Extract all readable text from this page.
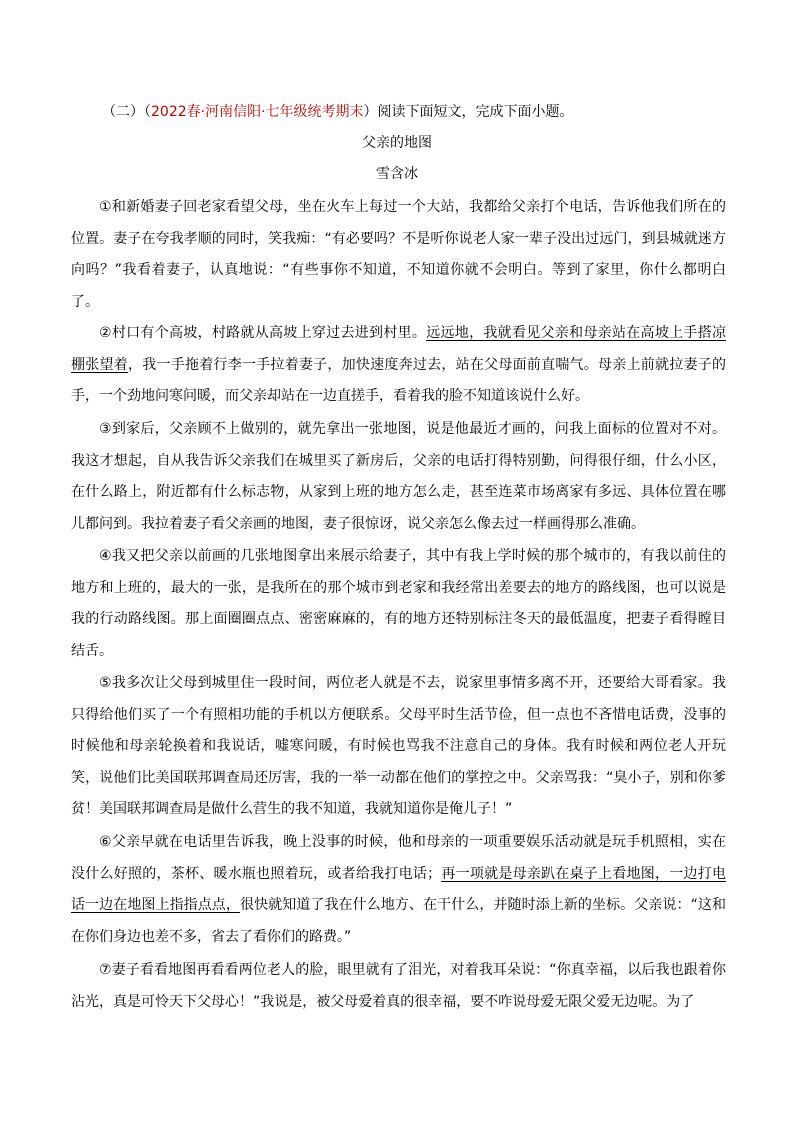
（二）（2022春·河南信阳·七年级统考期末）阅读下面短文，完成下面小题。
父亲的地图
雪含冰
①和新婚妻子回老家看望父母，坐在火车上每过一个大站，我都给父亲打个电话，告诉他我们所在的位置。妻子在夸我孝顺的同时，笑我痴：“有必要吗？不是听你说老人家一辈子没出过远门，到县城就迷方向吗？”我看着妻子，认真地说：“有些事你不知道，不知道你就不会明白。等到了家里，你什么都明白了。
②村口有个高坡，村路就从高坡上穿过去进到村里。远远地，我就看见父亲和母亲站在高坡上手搭凉棚张望着，我一手拖着行李一手拉着妻子，加快速度奔过去，站在父母面前直喘气。母亲上前就拉妻子的手，一个劲地问寒问暖，而父亲却站在一边直搓手，看着我的脸不知道该说什么好。
③到家后，父亲顾不上做别的，就先拿出一张地图，说是他最近才画的，问我上面标的位置对不对。我这才想起，自从我告诉父亲我们在城里买了新房后，父亲的电话打得特别勤，问得很仔细，什么小区，在什么路上，附近都有什么标志物，从家到上班的地方怎么走，甚至连菜市场离家有多远、具体位置在哪儿都问到。我拉着妻子看父亲画的地图，妻子很惊讶，说父亲怎么像去过一样画得那么准确。
④我又把父亲以前画的几张地图拿出来展示给妻子，其中有我上学时候的那个城市的，有我以前住的地方和上班的，最大的一张，是我所在的那个城市到老家和我经常出差要去的地方的路线图，也可以说是我的行动路线图。那上面圈圈点点、密密麻麻的，有的地方还特别标注冬天的最低温度，把妻子看得瞠目结舌。
⑤我多次让父母到城里住一段时间，两位老人就是不去，说家里事情多离不开，还要给大哥看家。我只得给他们买了一个有照相功能的手机以方便联系。父母平时生活节俭，但一点也不吝惜电话费，没事的时候他和母亲轮换着和我说话，嘘寒问暖，有时候也骂我不注意自己的身体。我有时候和两位老人开玩笑，说他们比美国联邦调查局还厉害，我的一举一动都在他们的掌控之中。父亲骂我：“臭小子，别和你爹贫！美国联邦调查局是做什么营生的我不知道，我就知道你是俺儿子！”
⑥父亲早就在电话里告诉我，晚上没事的时候，他和母亲的一项重要娱乐活动就是玩手机照相，实在没什么好照的，茶杯、暖水瓶也照着玩，或者给我打电话；再一项就是母亲趴在桌子上看地图，一边打电话一边在地图上指指点点，很快就知道了我在什么地方、在干什么，并随时添上新的坐标。父亲说：“这和在你们身边也差不多，省去了看你们的路费。”
⑦妻子看看地图再看看两位老人的脸，眼里就有了泪光，对着我耳朵说：“你真幸福，以后我也跟着你沾光，真是可怜天下父母心！”我说是，被父母爱着真的很幸福，要不咋说母爱无限父爱无边呢。为了
